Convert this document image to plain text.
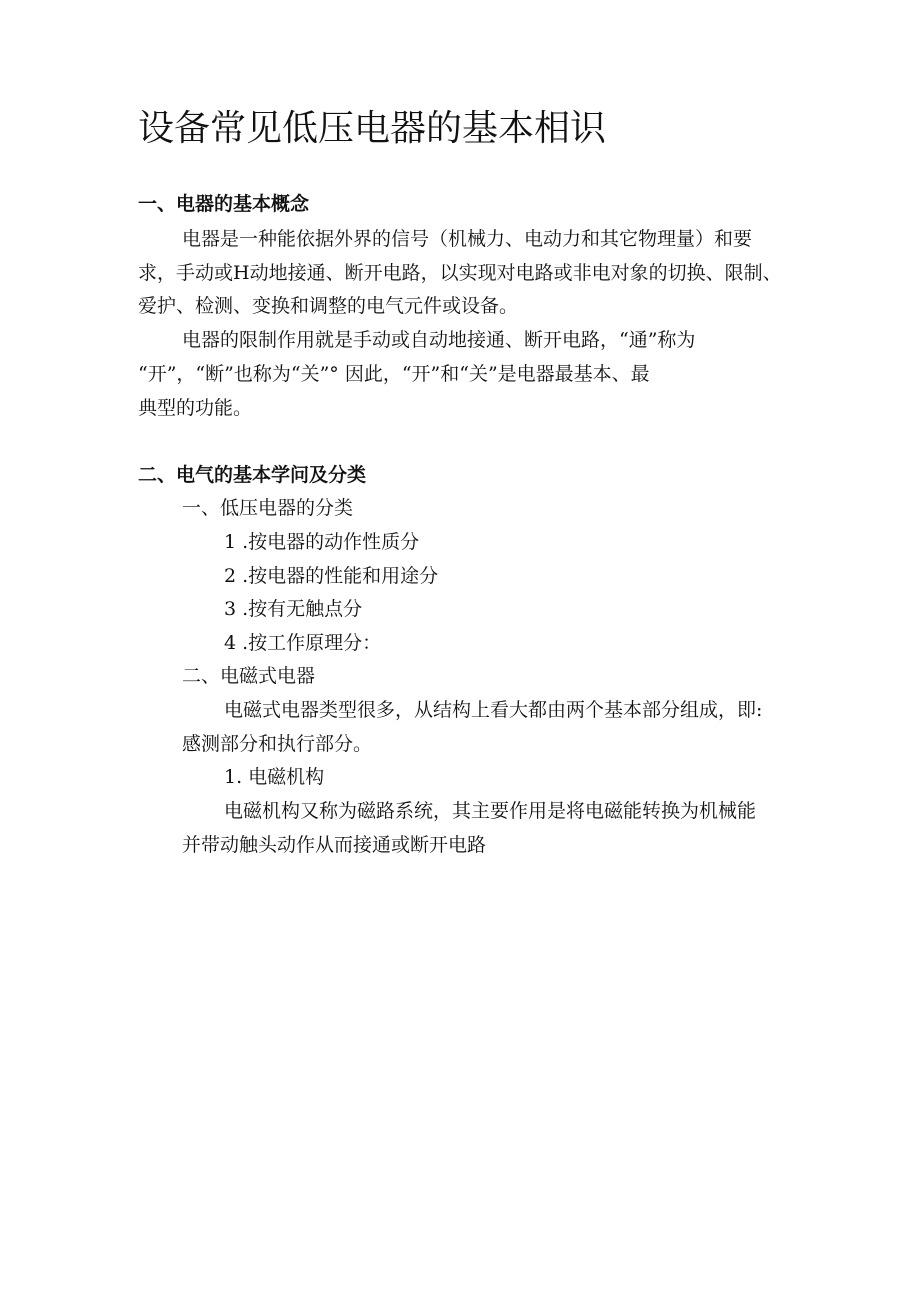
设备常见低压电器的基本相识
一、电器的基本概念
电器是一种能依据外界的信号（机械力、电动力和其它物理量）和要
求，手动或H动地接通、断开电路，以实现对电路或非电对象的切换、限制、
爱护、检测、变换和调整的电气元件或设备。
电器的限制作用就是手动或自动地接通、断开电路，“通”称为
“开”，“断”也称为“关”° 因此，“开”和“关”是电器最基本、最
典型的功能。
二、电气的基本学问及分类
一、低压电器的分类
1 .按电器的动作性质分
2 .按电器的性能和用途分
3 .按有无触点分
4 .按工作原理分：
二、电磁式电器
电磁式电器类型很多，从结构上看大都由两个基本部分组成，即:
感测部分和执行部分。
1. 电磁机构
电磁机构又称为磁路系统，其主要作用是将电磁能转换为机械能
并带动触头动作从而接通或断开电路
